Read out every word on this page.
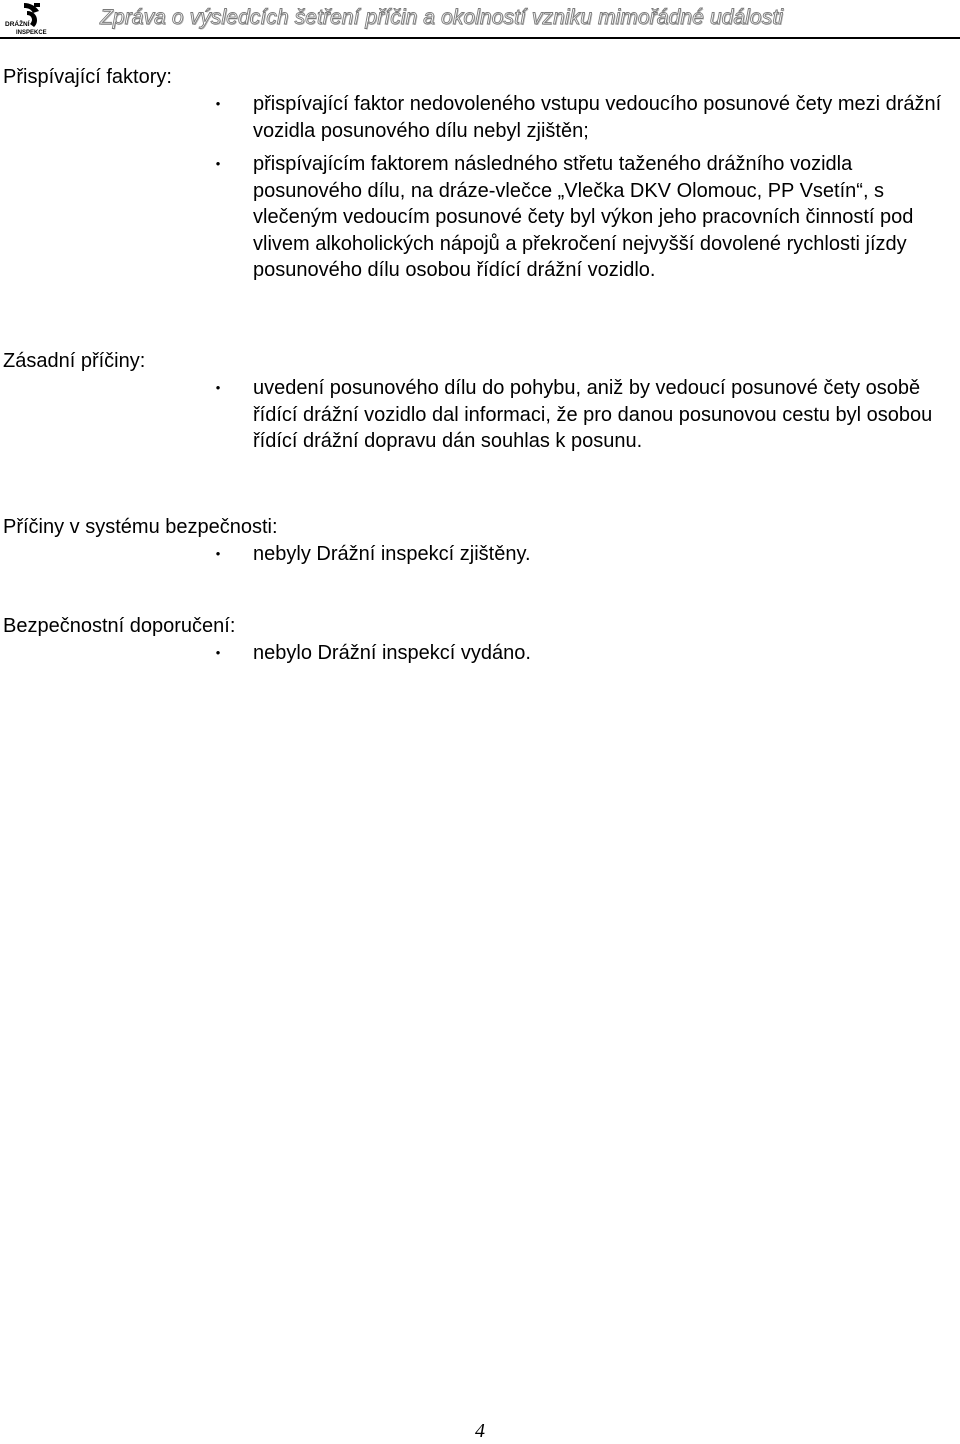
DRÁŽNÍ
INSPEKCE
Zpráva o výsledcích šetření příčin a okolností vzniku mimořádné události
Přispívající faktory:
• přispívající faktor nedovoleného vstupu vedoucího posunové čety mezi drážní vozidla posunového dílu nebyl zjištěn;
• přispívajícím faktorem následného střetu taženého drážního vozidla posunového dílu, na dráze-vlečce „Vlečka DKV Olomouc, PP Vsetín“, s vlečeným vedoucím posunové čety byl výkon jeho pracovních činností pod vlivem alkoholických nápojů a překročení nejvyšší dovolené rychlosti jízdy posunového dílu osobou řídící drážní vozidlo.
Zásadní příčiny:
• uvedení posunového dílu do pohybu, aniž by vedoucí posunové čety osobě řídící drážní vozidlo dal informaci, že pro danou posunovou cestu byl osobou řídící drážní dopravu dán souhlas k posunu.
Příčiny v systému bezpečnosti:
• nebyly Drážní inspekcí zjištěny.
Bezpečnostní doporučení:
• nebylo Drážní inspekcí vydáno.
4
